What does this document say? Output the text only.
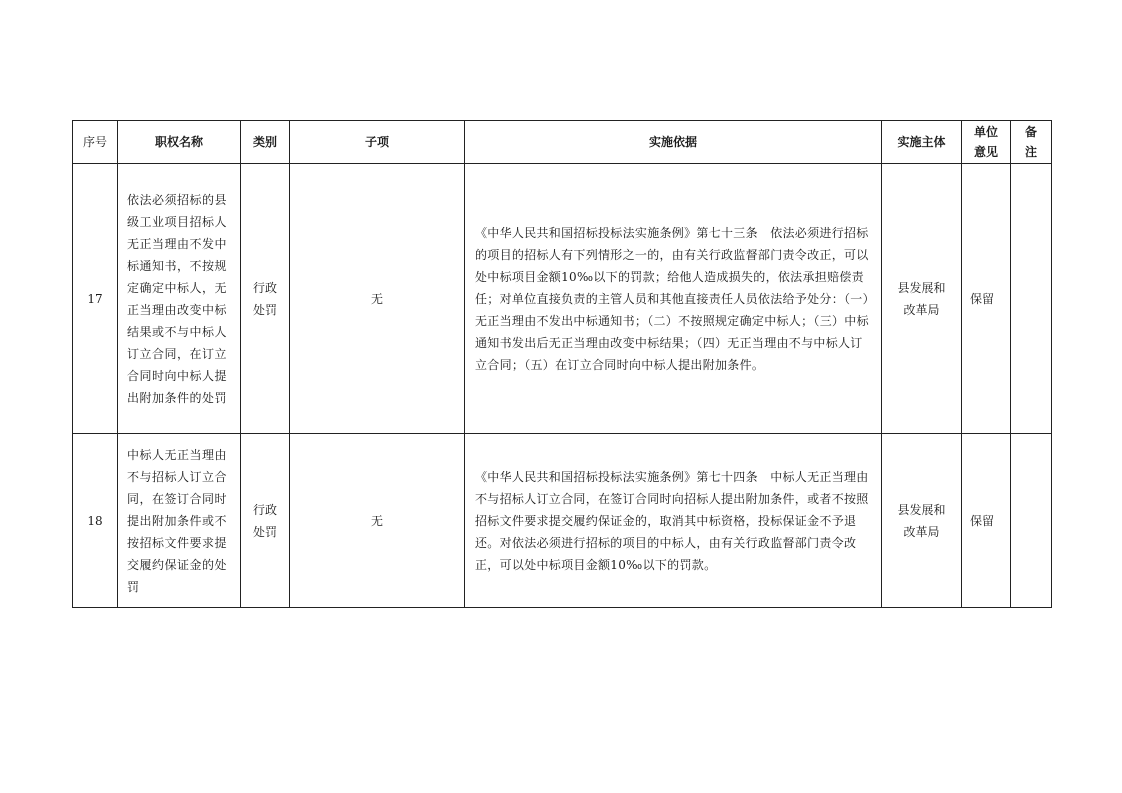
序号	职权名称	类别	子项	实施依据	实施主体	单位意见	备注
17	依法必须招标的县级工业项目招标人无正当理由不发中标通知书，不按规定确定中标人，无正当理由改变中标结果或不与中标人订立合同，在订立合同时向中标人提出附加条件的处罚	行政处罚	无	《中华人民共和国招标投标法实施条例》第七十三条　依法必须进行招标的项目的招标人有下列情形之一的，由有关行政监督部门责令改正，可以处中标项目金额10‰以下的罚款；给他人造成损失的，依法承担赔偿责任；对单位直接负责的主管人员和其他直接责任人员依法给予处分：（一）无正当理由不发出中标通知书；（二）不按照规定确定中标人；（三）中标通知书发出后无正当理由改变中标结果；（四）无正当理由不与中标人订立合同；（五）在订立合同时向中标人提出附加条件。	县发展和改革局	保留	
18	中标人无正当理由不与招标人订立合同，在签订合同时提出附加条件或不按招标文件要求提交履约保证金的处罚	行政处罚	无	《中华人民共和国招标投标法实施条例》第七十四条　中标人无正当理由不与招标人订立合同，在签订合同时向招标人提出附加条件，或者不按照招标文件要求提交履约保证金的，取消其中标资格，投标保证金不予退还。对依法必须进行招标的项目的中标人，由有关行政监督部门责令改正，可以处中标项目金额10‰以下的罚款。	县发展和改革局	保留	
